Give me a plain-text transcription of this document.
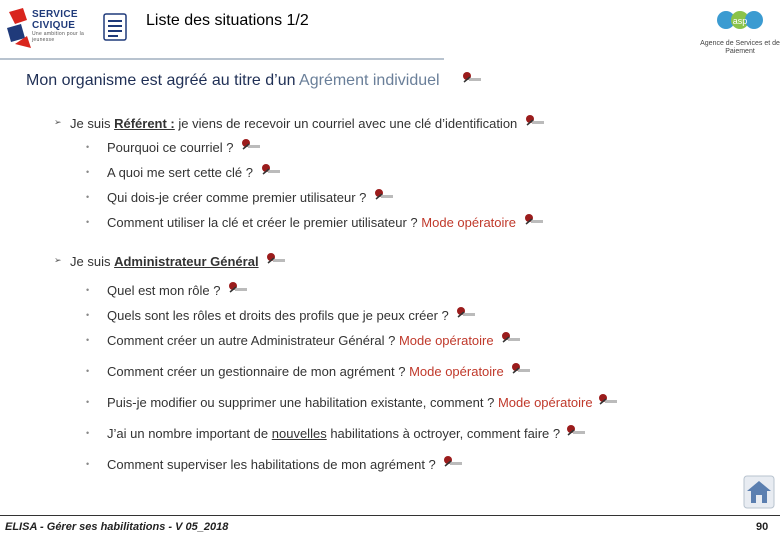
SERVICE CIVIQUE
Une ambition pour la jeunesse
Liste des situations 1/2	asp
Agence de Services et de Paiement
Mon organisme est agréé au titre d’un Agrément individuel
➢ Je suis Référent : je viens de recevoir un courriel avec une clé d’identification
• Pourquoi ce courriel ?
• A quoi me sert cette clé ?
• Qui dois-je créer comme premier utilisateur ?
• Comment utiliser la clé et créer le premier utilisateur ? Mode opératoire
➢ Je suis Administrateur Général
• Quel est mon rôle ?
• Quels sont les rôles et droits des profils que je peux créer ?
• Comment créer un autre Administrateur Général ? Mode opératoire
• Comment créer un gestionnaire de mon agrément ? Mode opératoire
• Puis-je modifier ou supprimer une habilitation existante, comment ? Mode opératoire
• J’ai un nombre important de nouvelles habilitations à octroyer, comment faire ?
• Comment superviser les habilitations de mon agrément ?
ELISA - Gérer ses habilitations - V 05_2018	90
